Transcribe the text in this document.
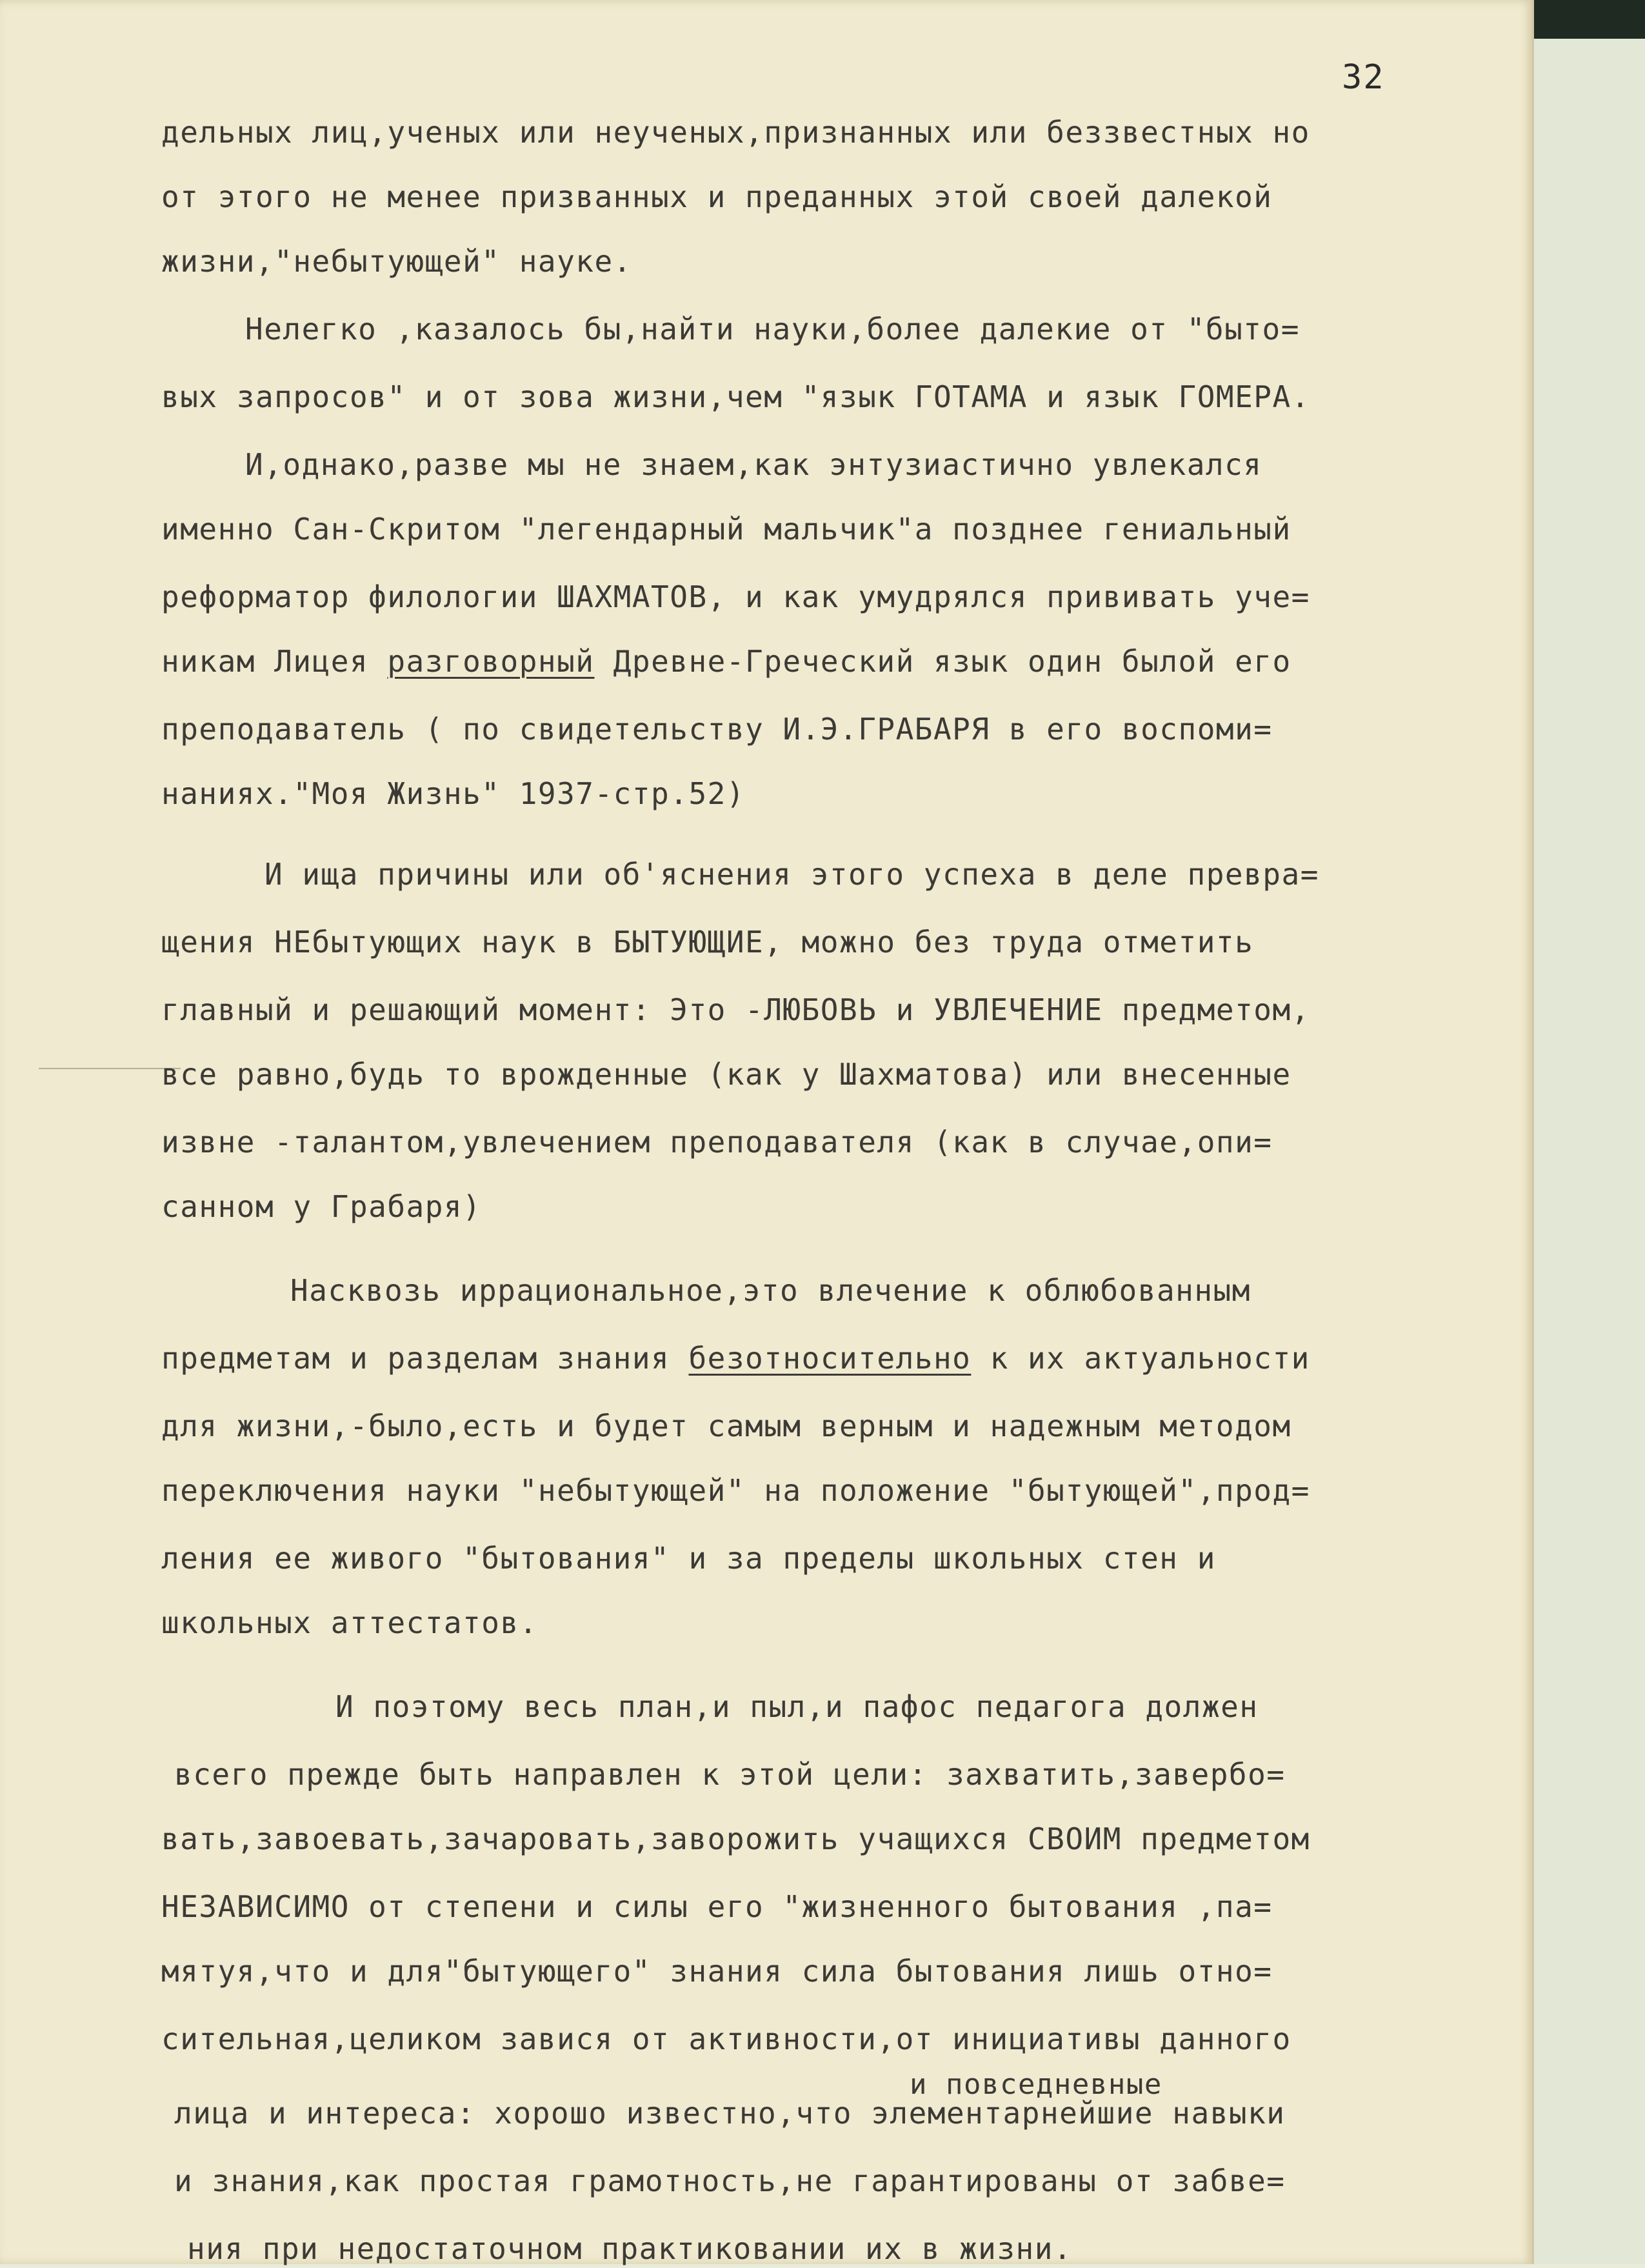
32
дельных лиц,ученых или неученых,признанных или беззвестных но
от этого не менее призванных и преданных этой своей далекой
жизни,"небытующей" науке.
Нелегко ,казалось бы,найти науки,более далекие от "быто=
вых запросов" и от зова жизни,чем "язык ГОТАМА и язык ГОМЕРА.
И,однако,разве мы не знаем,как энтузиастично увлекался
именно Сан-Скритом "легендарный мальчик"а позднее гениальный
реформатор филологии ШАХМАТОВ, и как умудрялся прививать уче=
никам Лицея разговорный Древне-Греческий язык один былой его
преподаватель ( по свидетельству И.Э.ГРАБАРЯ в его воспоми=
наниях."Моя Жизнь" 1937-стр.52)
И ища причины или об'яснения этого успеха в деле превра=
щения НЕбытующих наук в БЫТУЮЩИЕ, можно без труда отметить
главный и решающий момент: Это -ЛЮБОВЬ и УВЛЕЧЕНИЕ предметом,
все равно,будь то врожденные (как у Шахматова) или внесенные
извне -талантом,увлечением преподавателя (как в случае,опи=
санном у Грабаря)
Насквозь иррациональное,это влечение к облюбованным
предметам и разделам знания безотносительно к их актуальности
для жизни,-было,есть и будет самым верным и надежным методом
переключения науки "небытующей" на положение "бытующей",прод=
ления ее живого "бытования" и за пределы школьных стен и
школьных аттестатов.
И поэтому весь план,и пыл,и пафос педагога должен
всего прежде быть направлен к этой цели: захватить,завербо=
вать,завоевать,зачаровать,заворожить учащихся СВОИМ предметом
НЕЗАВИСИМО от степени и силы его "жизненного бытования ,па=
мятуя,что и для"бытующего" знания сила бытования лишь отно=
сительная,целиком завися от активности,от инициативы данного
и повседневные
лица и интереса: хорошо известно,что элементарнейшие навыки
и знания,как простая грамотность,не гарантированы от забве=
ния при недостаточном практиковании их в жизни.
